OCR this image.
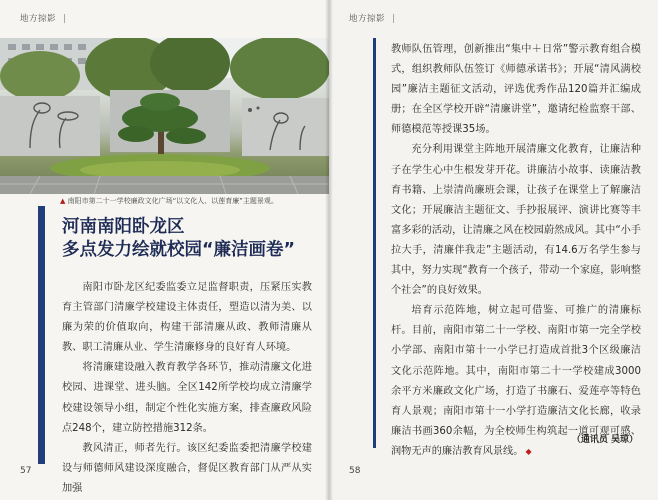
地方掠影 |
▲ 南阳市第二十一学校廉政文化广场“以文化人、以莲育廉”主题景观。
河南南阳卧龙区
多点发力绘就校园“廉洁画卷”

南阳市卧龙区纪委监委立足监督职责，压紧压实教育主管部门清廉学校建设主体责任，塑造以清为美、以廉为荣的价值取向，构建干部清廉从政、教师清廉从教、职工清廉从业、学生清廉修身的良好育人环境。

将清廉建设融入教育教学各环节，推动清廉文化进校园、进课堂、进头脑。全区142所学校均成立清廉学校建设领导小组，制定个性化实施方案，排查廉政风险点248个，建立防控措施312条。

教风清正，师者先行。该区纪委监委把清廉学校建设与师德师风建设深度融合，督促区教育部门从严从实加强

57
地方掠影 |

教师队伍管理，创新推出“集中＋日常”警示教育组合模式，组织教师队伍签订《师德承诺书》；开展“清风满校园”廉洁主题征文活动，评选优秀作品120篇并汇编成册；在全区学校开辟“清廉讲堂”，邀请纪检监察干部、师德模范等授课35场。

充分利用课堂主阵地开展清廉文化教育，让廉洁种子在学生心中生根发芽开花。讲廉洁小故事、读廉洁教育书籍、上崇清尚廉班会课，让孩子在课堂上了解廉洁文化；开展廉洁主题征文、手抄报展评、演讲比赛等丰富多彩的活动，让清廉之风在校园蔚然成风。其中“小手拉大手，清廉伴我走”主题活动，有14.6万名学生参与其中，努力实现“教育一个孩子，带动一个家庭，影响整个社会”的良好效果。

培育示范阵地，树立起可借鉴、可推广的清廉标杆。目前，南阳市第二十一学校、南阳市第一完全学校小学部、南阳市第十一小学已打造成首批3个区级廉洁文化示范阵地。其中，南阳市第二十一学校建成3000余平方米廉政文化广场，打造了书廉石、爱莲亭等特色育人景观；南阳市第十一小学打造廉洁文化长廊，收录廉洁书画360余幅，为全校师生构筑起一道可观可感、润物无声的廉洁教育风景线。 ◆

（通讯员 吴琼）
58
